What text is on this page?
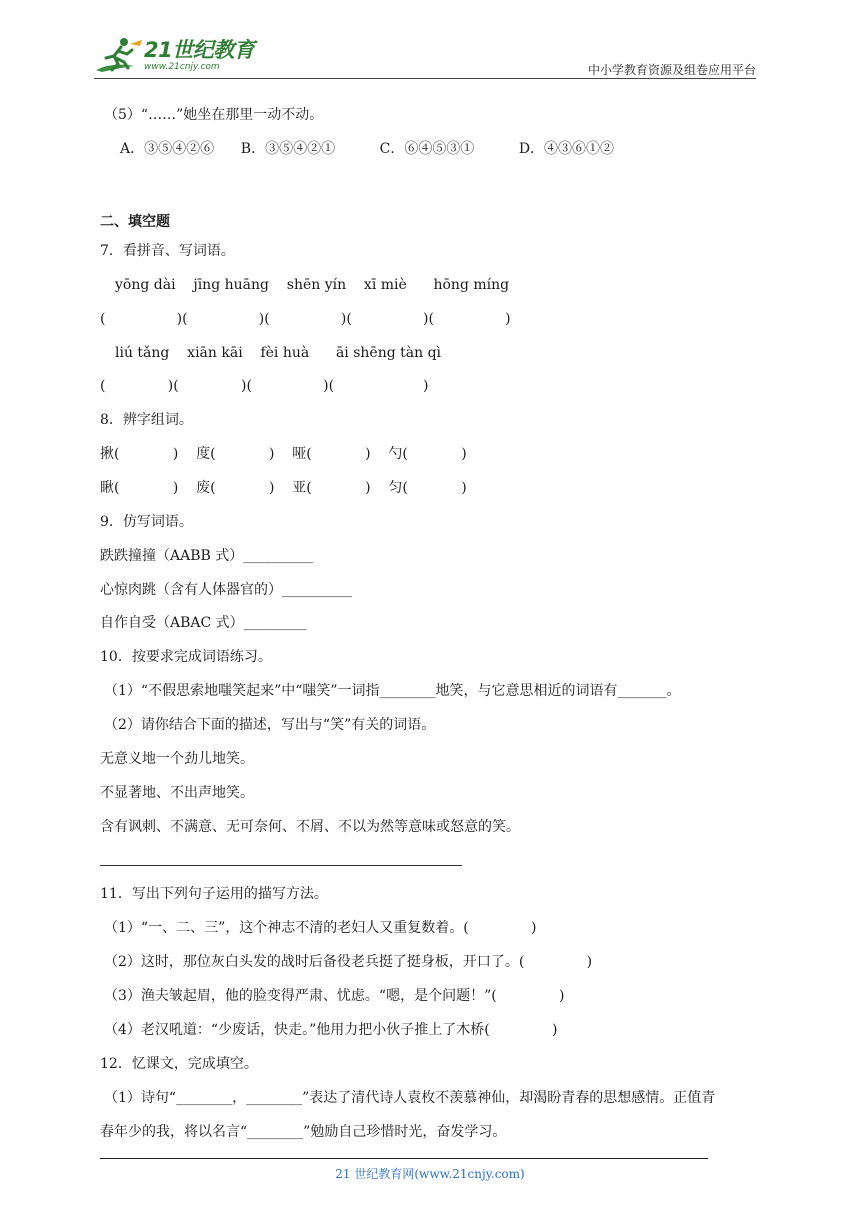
21世纪教育
www.21cnjy.com	中小学教育资源及组卷应用平台
二、填空题
（5）“……”她坐在那里一动不动。
A．③⑤④②⑥      B．③⑤④②①          C．⑥④⑤③①          D．④③⑥①②
7．看拼音、写词语。
yōng dài    jīng huāng    shēn yín    xī miè      hōng míng
(                )(                )(                )(                )(                )
liú tǎng    xiān kāi    fèi huà      āi shēng tàn qì
(              )(              )(                )(                    )
8．辨字组词。
揪(            )    度(            )    哑(            )    勺(            )
瞅(            )    废(            )    亚(            )    匀(            )
9．仿写词语。
跌跌撞撞（AABB 式）__________
心惊肉跳（含有人体器官的）__________
自作自受（ABAC 式）_________
10．按要求完成词语练习。
（1）“不假思索地嗤笑起来”中“嗤笑”一词指________地笑，与它意思相近的词语有_______。
（2）请你结合下面的描述，写出与“笑”有关的词语。
无意义地一个劲儿地笑。
不显著地、不出声地笑。
含有讽刺、不满意、无可奈何、不屑、不以为然等意味或怒意的笑。
11．写出下列句子运用的描写方法。
（1）“一、二、三”，这个神志不清的老妇人又重复数着。(              )
（2）这时，那位灰白头发的战时后备役老兵挺了挺身板，开口了。(              )
（3）渔夫皱起眉，他的脸变得严肃、忧虑。“嗯，是个问题！”(              )
（4）老汉吼道：“少废话，快走。”他用力把小伙子推上了木桥(              )
12．忆课文，完成填空。
（1）诗句“________，________”表达了清代诗人袁枚不羡慕神仙，却渴盼青春的思想感情。正值青
春年少的我，将以名言“________”勉励自己珍惜时光，奋发学习。
21 世纪教育网(www.21cnjy.com)
